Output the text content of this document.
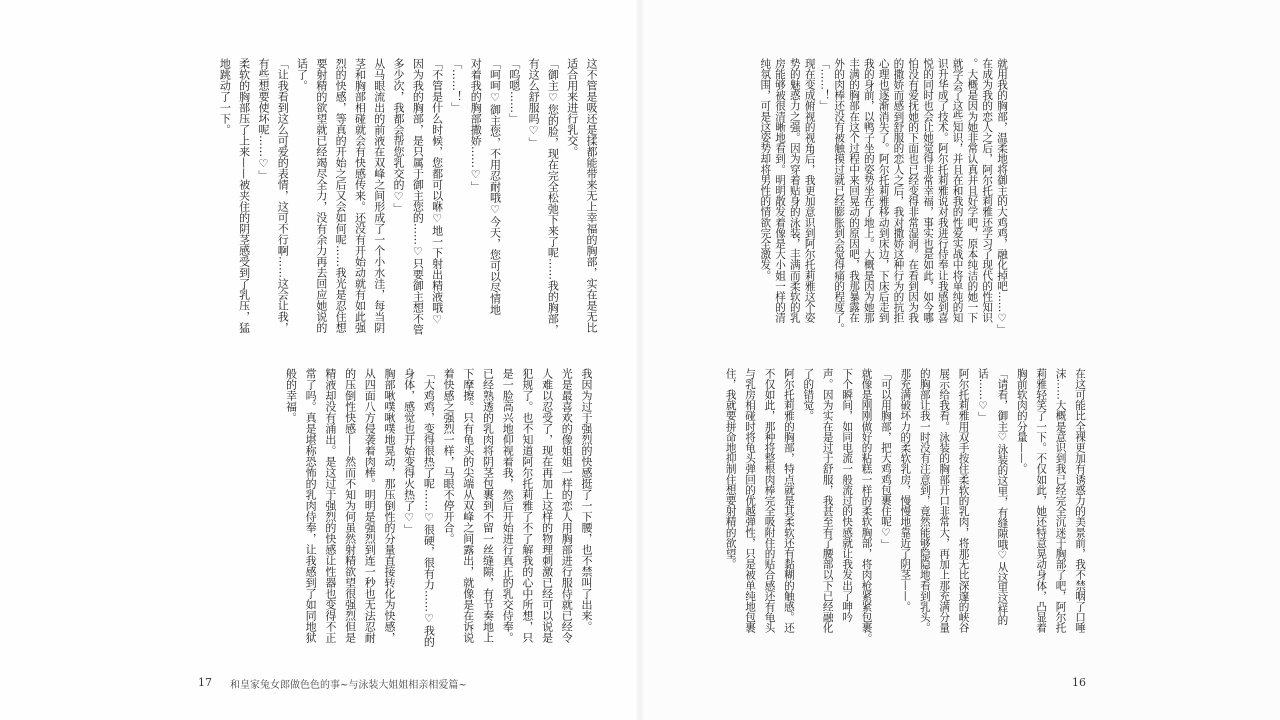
就用我的胸部，温柔地将御主的大鸡鸡，融化掉吧……♡」
在成为我的恋人之后，阿尔托莉雅还学习了现代的性知识
。大概是因为她非常认真并且好学吧，原本纯洁的她一下
就学会了这些知识，并且在和我的性爱实战中将单纯的知
识升华成了技术。阿尔托莉雅说对我进行侍奉让我感到喜
悦的同时也会让她觉得非常幸福，事实也是如此，如今哪
怕没有爱抚她的下面也已经变得非常湿润。在看到因为我
的撒娇而感到舒服的恋人之后，我对撒娇这种行为的抗拒
心理也逐渐消失了。阿尔托莉雅移动到床边，下床后走到
我的身前，以鸭子坐的姿势坐在了地上。大概是因为她那
丰满的胸部在这个过程中来回晃动的原因吧，我那暴露在
外的肉棒还没有被触摸过就已经膨胀到会觉得痛的程度了。
「……！」
现在变成俯视的视角后，我更加意识到阿尔托莉雅这个姿
势的魅惑力之强。因为穿着贴身的泳装，丰满而柔软的乳
房能够被很清晰地看到。明明散发着像是大小姐一样的清
纯氛围，可是这姿势却将男性的情欲完全激发。
在这可能比全裸更加有诱惑力的美景前，我不禁咽了口唾
沫……大概是意识到我已经完全沉迷于胸部了吧，阿尔托
莉雅轻笑了一下。不仅如此，她还特意晃动身体，凸显着
胸前软肉的分量——。
「请看，御主♡泳装的这里，有缝隙哦♡从这里这样的
话……♡」
阿尔托莉雅用双手按住柔软的乳肉，将那无比深邃的峡谷
展示给我看。泳装的胸部开口非常大，再加上那充满分量
的胸部让我一时没有注意到，竟然能够隐隐地看到乳头。
那充满破坏力的柔软乳房，慢慢地靠近了阴茎——。
「可以用胸部，把大鸡鸡包裹住呢♡」
就像是刚刚做好的粘糕一样的柔软胸部，将肉枪紧紧包裹。
下个瞬间，如同电流一般流过的快感就让我发出了呻吟
声。因为实在是过于舒服，我甚至有了腰部以下已经融化
了的错觉。
阿尔托莉雅的胸部，特点就是其柔软还有黏糊的触感。还
不仅如此，那种将整根肉棒完全吸附住的贴合感还有龟头
与乳房相碰时将龟头弹回的优越弹性，只是被单纯地包裹
住，我就要拼命地抑制住想要射精的欲望。
这不管是吸还是揉都能带来无上幸福的胸部，实在是无比
适合用来进行乳交。
「御主♡您的脸，现在完全松弛下来了呢……我的胸部，
有这么舒服吗♡」
「呜嗯……」
「呵呵♡御主您，不用忍耐哦♡今天，您可以尽情地
对着我的胸部撒娇……♡」
「……！」
「不管是什么时候，您都可以咻♡地一下射出精液哦♡
因为我的胸部，是只属于御主您的……♡只要御主想不管
多少次，我都会帮您乳交的♡」
从马眼流出的前液在双峰之间形成了一个小水洼，每当阴
茎和胸部相碰就会有快感传来。还没有开始动就有如此强
烈的快感，等真的开始之后又会如何呢……我光是忍住想
要射精的欲望就已经竭尽全力，没有余力再去回应她说的
话了。
「让我看到这么可爱的表情，这可不行啊……这会让我，
有些想要使坏呢……♡」
柔软的胸部压了上来——被夹住的阴茎感受到了乳压，猛
地跳动了一下。
我因为过于强烈的快感挺了一下腰，也不禁叫了出来。
光是最喜欢的像姐姐一样的恋人用胸部进行服侍就已经令
人难以忍受了，现在再加上这样的物理刺激已经可以说是
犯规了。也不知道阿尔托莉雅了不了解我的心中所想，只
是一脸高兴地仰视着我，然后开始进行真正的乳交侍奉。
已经熟透的乳肉将阴茎包裹到不留一丝缝隙，有节奏地上
下摩擦。只有龟头的尖端从双峰之间露出，就像是在诉说
着快感之强烈一样，马眼不停开合。
「大鸡鸡，变得很热了呢……♡很硬，很有力……♡我的
身体，感觉也开始变得火热了♡」
胸部啾噗啾噗地晃动，那压倒性的分量直接转化为快感，
从四面八方侵袭着肉棒。明明是强烈到连一秒也无法忍耐
的压倒性快感——然而不知为何虽然射精欲望很强烈但是
精液却没有涌出。是这过于强烈的快感让性器也变得不正
常了吗。真是堪称恐怖的乳肉侍奉，让我感到了如同地狱
般的幸福。
17 和皇家兔女郎做色色的事~与泳装大姐姐相亲相爱篇~	16
